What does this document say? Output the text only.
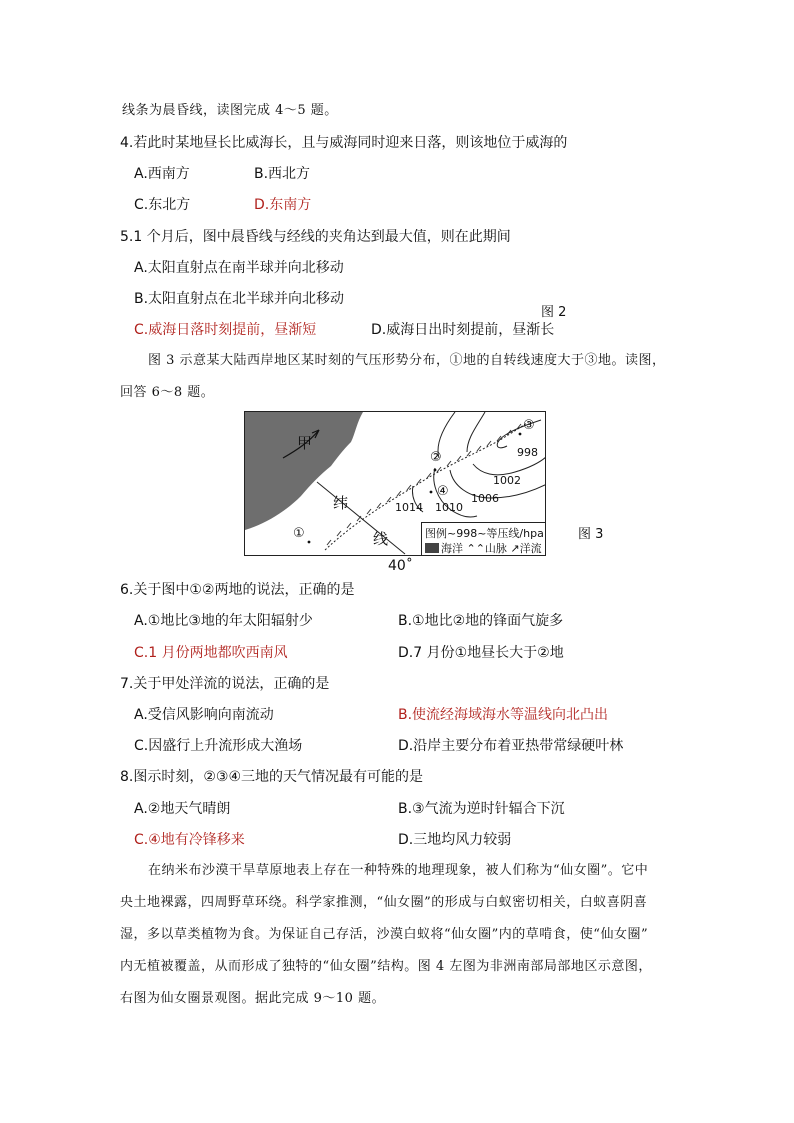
线条为晨昏线，读图完成 4～5 题。
4.若此时某地昼长比威海长，且与威海同时迎来日落，则该地位于威海的
A.西南方	B.西北方
C.东北方	D.东南方
5.1 个月后，图中晨昏线与经线的夹角达到最大值，则在此期间
A.太阳直射点在南半球并向北移动
B.太阳直射点在北半球并向北移动
图 2
C.威海日落时刻提前，昼渐短	D.威海日出时刻提前，昼渐长
图 3 示意某大陆西岸地区某时刻的气压形势分布，①地的自转线速度大于③地。读图，
回答 6～8 题。
甲
纬
线
①
②
③
④
998
1002
1006
1010
1014
图例~998~等压线/hpa
海洋 ⌃⌃山脉 ↗洋流
40˚
图 3
6.关于图中①②两地的说法，正确的是
A.①地比③地的年太阳辐射少	B.①地比②地的锋面气旋多
C.1 月份两地都吹西南风	D.7 月份①地昼长大于②地
7.关于甲处洋流的说法，正确的是
A.受信风影响向南流动	B.使流经海域海水等温线向北凸出
C.因盛行上升流形成大渔场	D.沿岸主要分布着亚热带常绿硬叶林
8.图示时刻，②③④三地的天气情况最有可能的是
A.②地天气晴朗	B.③气流为逆时针辐合下沉
C.④地有冷锋移来	D.三地均风力较弱
在纳米布沙漠干旱草原地表上存在一种特殊的地理现象，被人们称为“仙女圈”。它中
央土地裸露，四周野草环绕。科学家推测，“仙女圈”的形成与白蚁密切相关，白蚁喜阴喜
湿，多以草类植物为食。为保证自己存活，沙漠白蚁将“仙女圈”内的草啃食，使“仙女圈”
内无植被覆盖，从而形成了独特的“仙女圈”结构。图 4 左图为非洲南部局部地区示意图，
右图为仙女圈景观图。据此完成 9～10 题。
